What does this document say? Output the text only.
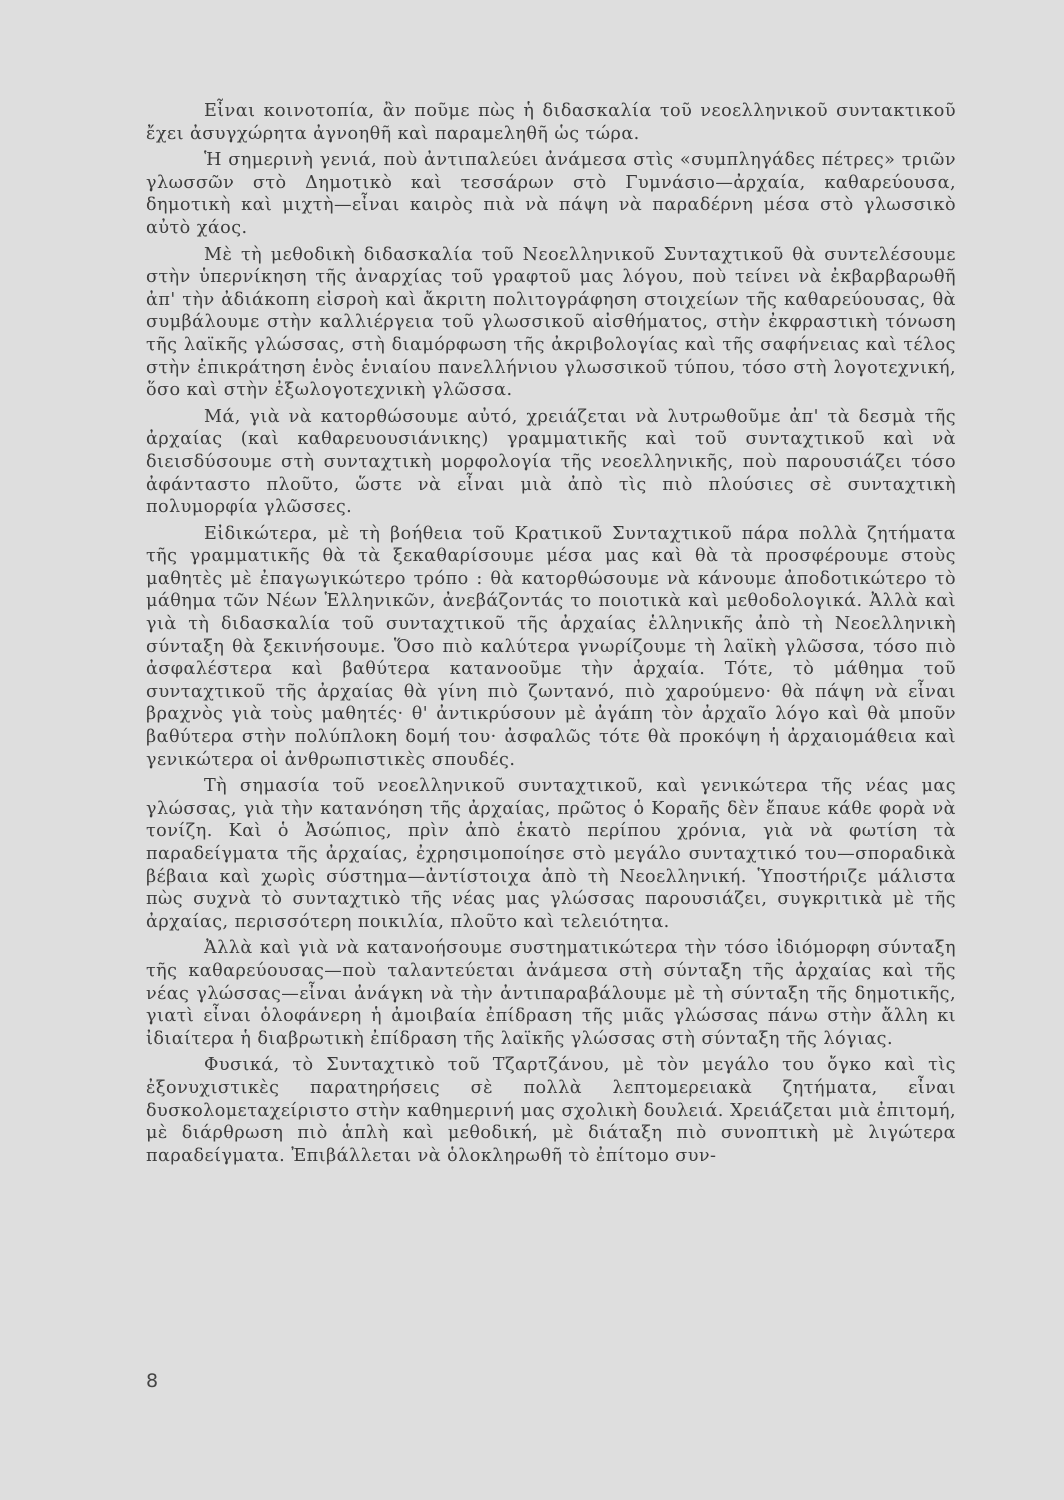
Εἶναι κοινοτοπία, ἂν ποῦμε πὼς ἡ διδασκαλία τοῦ νεοελληνικοῦ συντακτικοῦ ἔχει ἀσυγχώρητα ἀγνοηθῆ καὶ παραμεληθῆ ὡς τώρα.

Ἡ σημερινὴ γενιά, ποὺ ἀντιπαλεύει ἀνάμεσα στὶς «συμπληγάδες πέτρες» τριῶν γλωσσῶν στὸ Δημοτικὸ καὶ τεσσάρων στὸ Γυμνάσιο—ἀρχαία, καθαρεύουσα, δημοτικὴ καὶ μιχτὴ—εἶναι καιρὸς πιὰ νὰ πάψη νὰ παραδέρνη μέσα στὸ γλωσσικὸ αὐτὸ χάος.

Μὲ τὴ μεθοδικὴ διδασκαλία τοῦ Νεοελληνικοῦ Συνταχτικοῦ θὰ συντελέσουμε στὴν ὑπερνίκηση τῆς ἀναρχίας τοῦ γραφτοῦ μας λόγου, ποὺ τείνει νὰ ἐκβαρβαρωθῆ ἀπ' τὴν ἀδιάκοπη εἰσροὴ καὶ ἄκριτη πολιτογράφηση στοιχείων τῆς καθαρεύουσας, θὰ συμβάλουμε στὴν καλλιέργεια τοῦ γλωσσικοῦ αἰσθήματος, στὴν ἐκφραστικὴ τόνωση τῆς λαϊκῆς γλώσσας, στὴ διαμόρφωση τῆς ἀκριβολογίας καὶ τῆς σαφήνειας καὶ τέλος στὴν ἐπικράτηση ἑνὸς ἑνιαίου πανελλήνιου γλωσσικοῦ τύπου, τόσο στὴ λογοτεχνική, ὅσο καὶ στὴν ἐξωλογοτεχνικὴ γλῶσσα.

Μά, γιὰ νὰ κατορθώσουμε αὐτό, χρειάζεται νὰ λυτρωθοῦμε ἀπ' τὰ δεσμὰ τῆς ἀρχαίας (καὶ καθαρευουσιάνικης) γραμματικῆς καὶ τοῦ συνταχτικοῦ καὶ νὰ διεισδύσουμε στὴ συνταχτικὴ μορφολογία τῆς νεοελληνικῆς, ποὺ παρουσιάζει τόσο ἀφάνταστο πλοῦτο, ὥστε νὰ εἶναι μιὰ ἀπὸ τὶς πιὸ πλούσιες σὲ συνταχτικὴ πολυμορφία γλῶσσες.

Εἰδικώτερα, μὲ τὴ βοήθεια τοῦ Κρατικοῦ Συνταχτικοῦ πάρα πολλὰ ζητήματα τῆς γραμματικῆς θὰ τὰ ξεκαθαρίσουμε μέσα μας καὶ θὰ τὰ προσφέρουμε στοὺς μαθητὲς μὲ ἐπαγωγικώτερο τρόπο : θὰ κατορθώσουμε νὰ κάνουμε ἀποδοτικώτερο τὸ μάθημα τῶν Νέων Ἑλληνικῶν, ἀνεβάζοντάς το ποιοτικὰ καὶ μεθοδολογικά. Ἀλλὰ καὶ γιὰ τὴ διδασκαλία τοῦ συνταχτικοῦ τῆς ἀρχαίας ἑλληνικῆς ἀπὸ τὴ Νεοελληνικὴ σύνταξη θὰ ξεκινήσουμε. Ὅσο πιὸ καλύτερα γνωρίζουμε τὴ λαϊκὴ γλῶσσα, τόσο πιὸ ἀσφαλέστερα καὶ βαθύτερα κατανοοῦμε τὴν ἀρχαία. Τότε, τὸ μάθημα τοῦ συνταχτικοῦ τῆς ἀρχαίας θὰ γίνη πιὸ ζωντανό, πιὸ χαρούμενο· θὰ πάψη νὰ εἶναι βραχνὸς γιὰ τοὺς μαθητές· θ' ἀντικρύσουν μὲ ἀγάπη τὸν ἀρχαῖο λόγο καὶ θὰ μποῦν βαθύτερα στὴν πολύπλοκη δομή του· ἀσφαλῶς τότε θὰ προκόψη ἡ ἀρχαιομάθεια καὶ γενικώτερα οἱ ἀνθρωπιστικὲς σπουδές.

Τὴ σημασία τοῦ νεοελληνικοῦ συνταχτικοῦ, καὶ γενικώτερα τῆς νέας μας γλώσσας, γιὰ τὴν κατανόηση τῆς ἀρχαίας, πρῶτος ὁ Κοραῆς δὲν ἔπαυε κάθε φορὰ νὰ τονίζη. Καὶ ὁ Ἀσώπιος, πρὶν ἀπὸ ἑκατὸ περίπου χρόνια, γιὰ νὰ φωτίση τὰ παραδείγματα τῆς ἀρχαίας, ἐχρησιμοποίησε στὸ μεγάλο συνταχτικό του—σποραδικὰ βέβαια καὶ χωρὶς σύστημα—ἀντίστοιχα ἀπὸ τὴ Νεοελληνική. Ὑποστήριζε μάλιστα πὼς συχνὰ τὸ συνταχτικὸ τῆς νέας μας γλώσσας παρουσιάζει, συγκριτικὰ μὲ τῆς ἀρχαίας, περισσότερη ποικιλία, πλοῦτο καὶ τελειότητα.

Ἀλλὰ καὶ γιὰ νὰ κατανοήσουμε συστηματικώτερα τὴν τόσο ἰδιόμορφη σύνταξη τῆς καθαρεύουσας—ποὺ ταλαντεύεται ἀνάμεσα στὴ σύνταξη τῆς ἀρχαίας καὶ τῆς νέας γλώσσας—εἶναι ἀνάγκη νὰ τὴν ἀντιπαραβάλουμε μὲ τὴ σύνταξη τῆς δημοτικῆς, γιατὶ εἶναι ὁλοφάνερη ἡ ἀμοιβαία ἐπίδραση τῆς μιᾶς γλώσσας πάνω στὴν ἄλλη κι ἰδιαίτερα ἡ διαβρωτικὴ ἐπίδραση τῆς λαϊκῆς γλώσσας στὴ σύνταξη τῆς λόγιας.

Φυσικά, τὸ Συνταχτικὸ τοῦ Τζαρτζάνου, μὲ τὸν μεγάλο του ὄγκο καὶ τὶς ἐξονυχιστικὲς παρατηρήσεις σὲ πολλὰ λεπτομερειακὰ ζητήματα, εἶναι δυσκολομεταχείριστο στὴν καθημερινή μας σχολικὴ δουλειά. Χρειάζεται μιὰ ἐπιτομή, μὲ διάρθρωση πιὸ ἁπλὴ καὶ μεθοδική, μὲ διάταξη πιὸ συνοπτικὴ μὲ λιγώτερα παραδείγματα. Ἐπιβάλλεται νὰ ὁλοκληρωθῆ τὸ ἐπίτομο συν-

8
